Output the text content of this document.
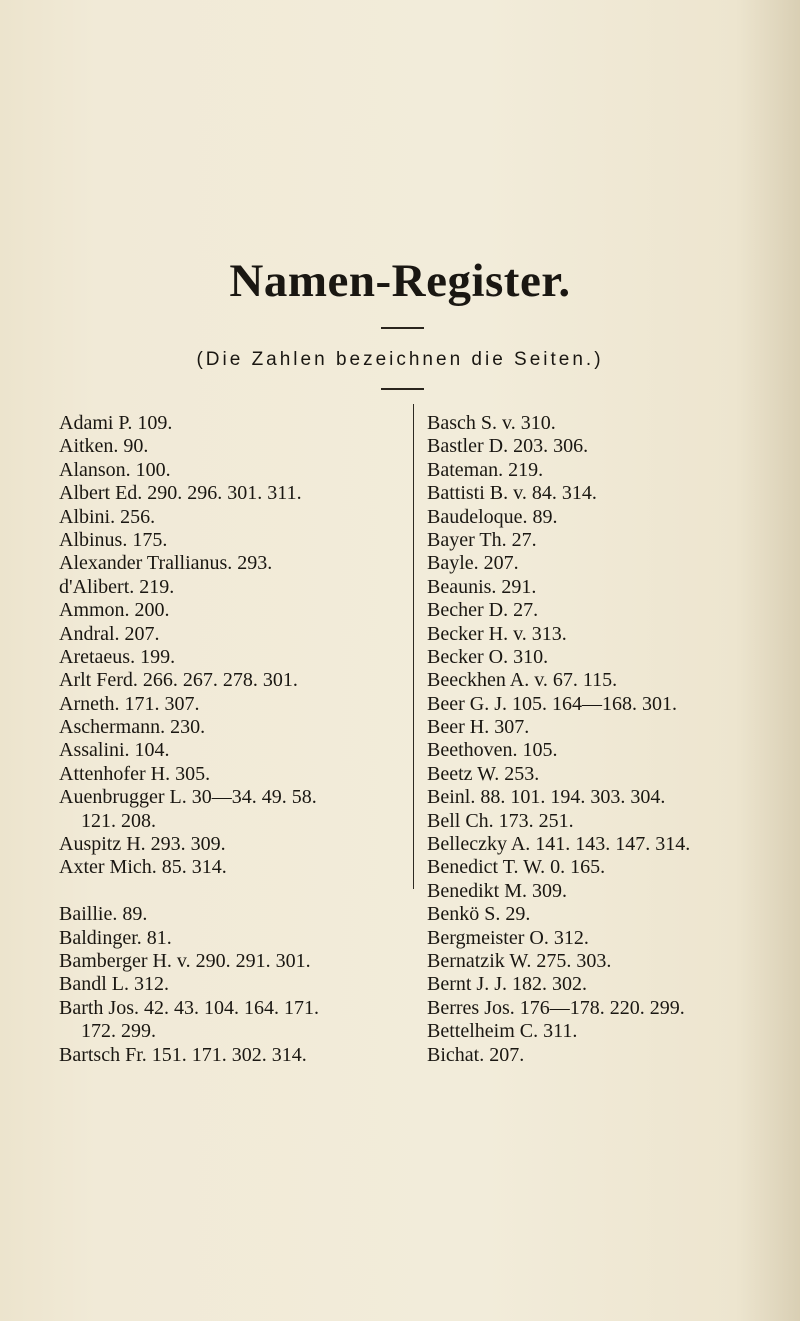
Namen-Register.
(Die Zahlen bezeichnen die Seiten.)
Adami P. 109.
Aitken. 90.
Alanson. 100.
Albert Ed. 290. 296. 301. 311.
Albini. 256.
Albinus. 175.
Alexander Trallianus. 293.
d'Alibert. 219.
Ammon. 200.
Andral. 207.
Aretaeus. 199.
Arlt Ferd. 266. 267. 278. 301.
Arneth. 171. 307.
Aschermann. 230.
Assalini. 104.
Attenhofer H. 305.
Auenbrugger L. 30—34. 49. 58.
121. 208.
Auspitz H. 293. 309.
Axter Mich. 85. 314.
Baillie. 89.
Baldinger. 81.
Bamberger H. v. 290. 291. 301.
Bandl L. 312.
Barth Jos. 42. 43. 104. 164. 171.
172. 299.
Bartsch Fr. 151. 171. 302. 314.
Basch S. v. 310.
Bastler D. 203. 306.
Bateman. 219.
Battisti B. v. 84. 314.
Baudeloque. 89.
Bayer Th. 27.
Bayle. 207.
Beaunis. 291.
Becher D. 27.
Becker H. v. 313.
Becker O. 310.
Beeckhen A. v. 67. 115.
Beer G. J. 105. 164—168. 301.
Beer H. 307.
Beethoven. 105.
Beetz W. 253.
Beinl. 88. 101. 194. 303. 304.
Bell Ch. 173. 251.
Belleczky A. 141. 143. 147. 314.
Benedict T. W. 0. 165.
Benedikt M. 309.
Benkö S. 29.
Bergmeister O. 312.
Bernatzik W. 275. 303.
Bernt J. J. 182. 302.
Berres Jos. 176—178. 220. 299.
Bettelheim C. 311.
Bichat. 207.
